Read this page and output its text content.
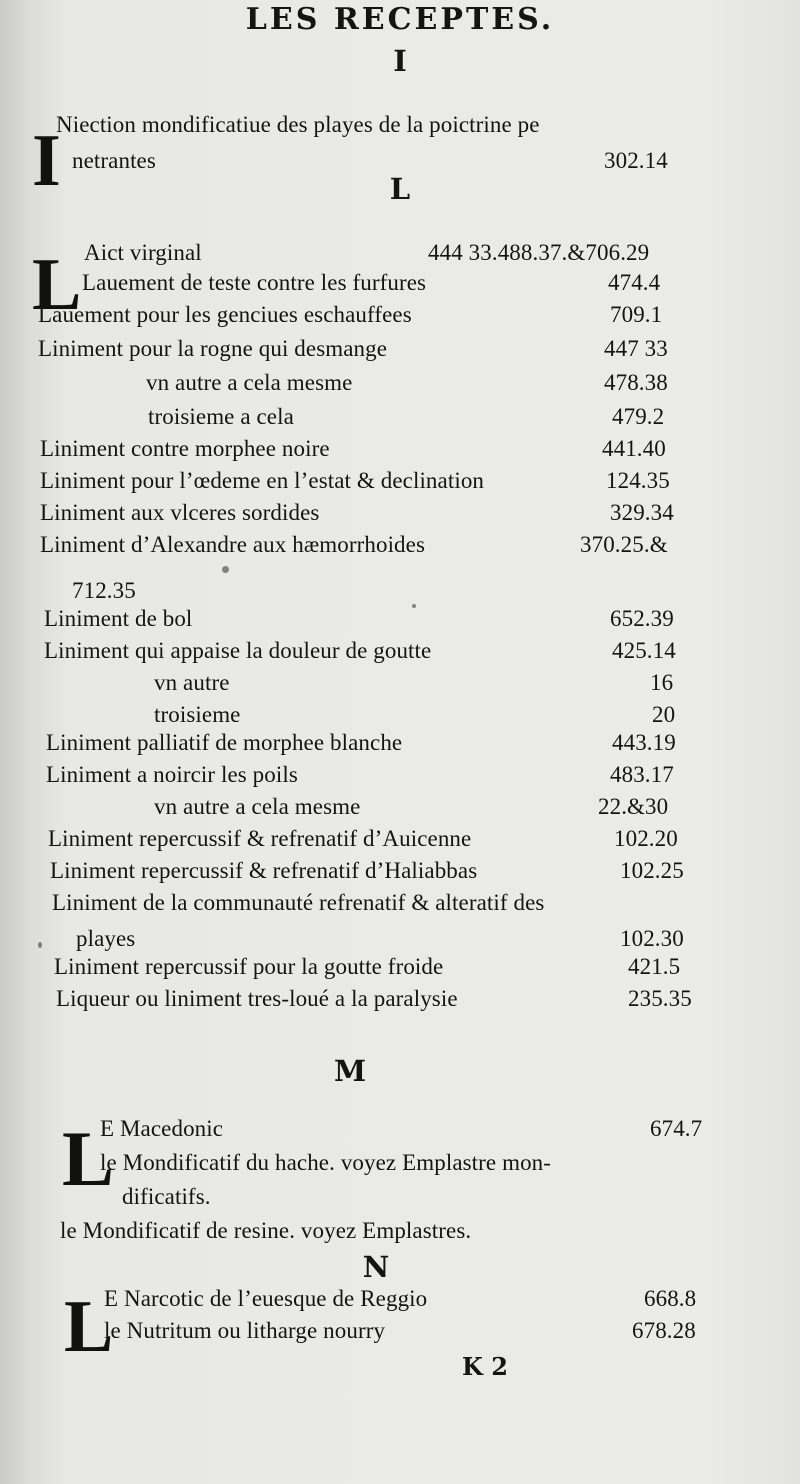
LES RECEPTES.
I
I
Niection mondificatiue des playes de la poictrine pe
netrantes	302.14
L
L Aict virginal	444 33.488.37.&706.29
Lauement de teste contre les furfures	474.4
Lauement pour les genciues eschauffees	709.1
Liniment pour la rogne qui desmange	447 33
vn autre a cela mesme	478.38
troisieme a cela	479.2
Liniment contre morphee noire	441.40
Liniment pour l’œdeme en l’estat & declination	124.35
Liniment aux vlceres sordides	329.34
Liniment d’Alexandre aux hæmorrhoides	370.25.&
712.35
Liniment de bol	652.39
Liniment qui appaise la douleur de goutte	425.14
vn autre	16
troisieme	20
Liniment palliatif de morphee blanche	443.19
Liniment a noircir les poils	483.17
vn autre a cela mesme	22.&30
Liniment repercussif & refrenatif d’Auicenne	102.20
Liniment repercussif & refrenatif d’Haliabbas	102.25
Liniment de la communauté refrenatif & alteratif des
playes	102.30
Liniment repercussif pour la goutte froide	421.5
Liqueur ou liniment tres-loué a la paralysie	235.35
M
L
E Macedonic	674.7
le Mondificatif du hache. voyez Emplastre mon-
dificatifs.
le Mondificatif de resine. voyez Emplastres.
N
L
E Narcotic de l’euesque de Reggio	668.8
le Nutritum ou litharge nourry	678.28
K 2
